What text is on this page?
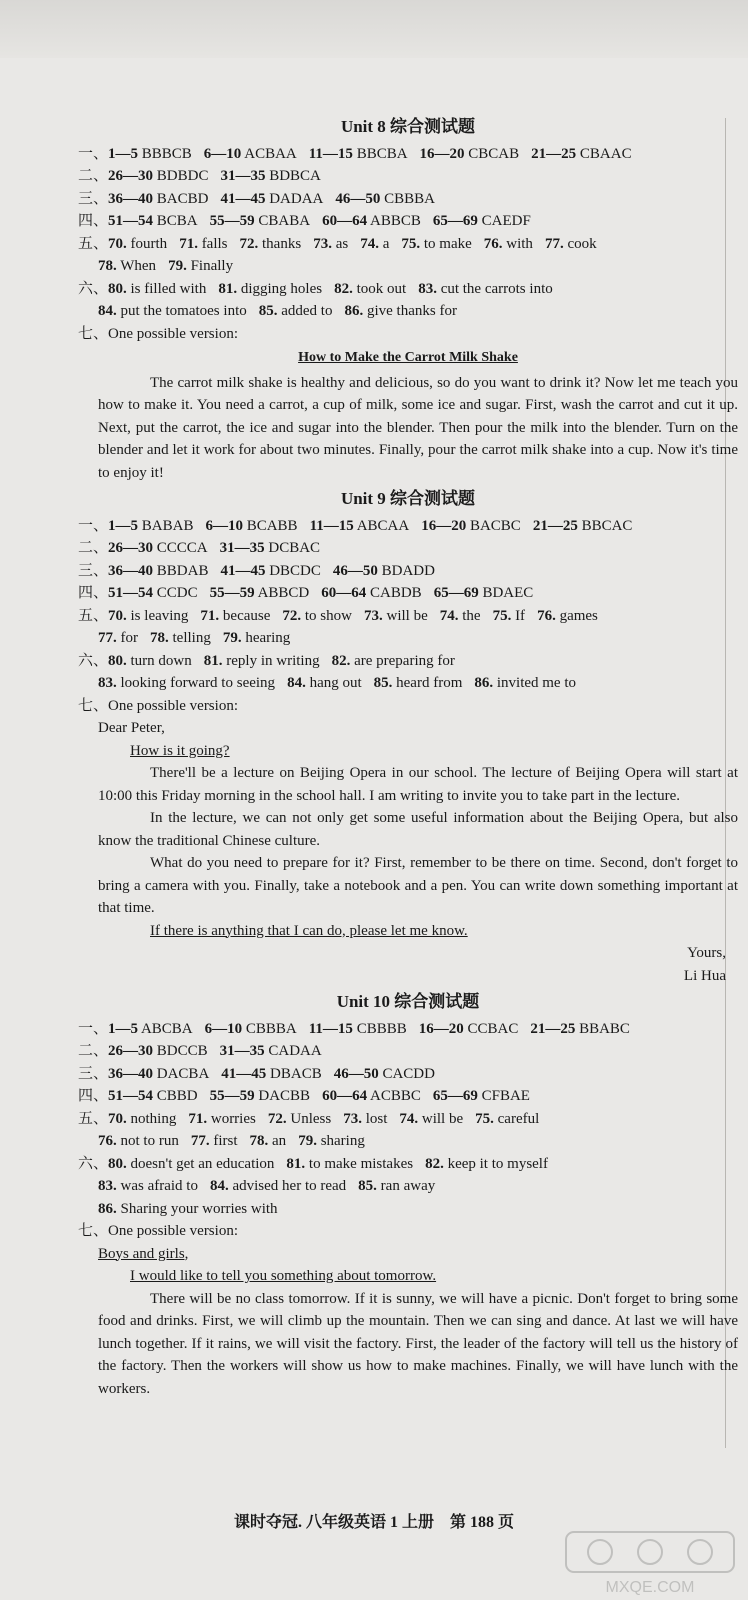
Unit 8 综合测试题
一、1—5 BBBCB 6—10 ACBAA 11—15 BBCBA 16—20 CBCAB 21—25 CBAAC
二、26—30 BDBDC 31—35 BDBCA
三、36—40 BACBD 41—45 DADAA 46—50 CBBBA
四、51—54 BCBA 55—59 CBABA 60—64 ABBCB 65—69 CAEDF
五、70. fourth 71. falls 72. thanks 73. as 74. a 75. to make 76. with 77. cook
78. When 79. Finally
六、80. is filled with 81. digging holes 82. took out 83. cut the carrots into
84. put the tomatoes into 85. added to 86. give thanks for
七、One possible version:
How to Make the Carrot Milk Shake

The carrot milk shake is healthy and delicious, so do you want to drink it? Now let me teach you how to make it. You need a carrot, a cup of milk, some ice and sugar. First, wash the carrot and cut it up. Next, put the carrot, the ice and sugar into the blender. Then pour the milk into the blender. Turn on the blender and let it work for about two minutes. Finally, pour the carrot milk shake into a cup. Now it's time to enjoy it!

Unit 9 综合测试题
一、1—5 BABAB 6—10 BCABB 11—15 ABCAA 16—20 BACBC 21—25 BBCAC
二、26—30 CCCCA 31—35 DCBAC
三、36—40 BBDAB 41—45 DBCDC 46—50 BDADD
四、51—54 CCDC 55—59 ABBCD 60—64 CABDB 65—69 BDAEC
五、70. is leaving 71. because 72. to show 73. will be 74. the 75. If 76. games
77. for 78. telling 79. hearing
六、80. turn down 81. reply in writing 82. are preparing for
83. looking forward to seeing 84. hang out 85. heard from 86. invited me to
七、One possible version:
Dear Peter,
How is it going?

There'll be a lecture on Beijing Opera in our school. The lecture of Beijing Opera will start at 10:00 this Friday morning in the school hall. I am writing to invite you to take part in the lecture.

In the lecture, we can not only get some useful information about the Beijing Opera, but also know the traditional Chinese culture.

What do you need to prepare for it? First, remember to be there on time. Second, don't forget to bring a camera with you. Finally, take a notebook and a pen. You can write down something important at that time.

If there is anything that I can do, please let me know.

Yours,
Li Hua
Unit 10 综合测试题
一、1—5 ABCBA 6—10 CBBBA 11—15 CBBBB 16—20 CCBAC 21—25 BBABC
二、26—30 BDCCB 31—35 CADAA
三、36—40 DACBA 41—45 DBACB 46—50 CACDD
四、51—54 CBBD 55—59 DACBB 60—64 ACBBC 65—69 CFBAE
五、70. nothing 71. worries 72. Unless 73. lost 74. will be 75. careful
76. not to run 77. first 78. an 79. sharing
六、80. doesn't get an education 81. to make mistakes 82. keep it to myself
83. was afraid to 84. advised her to read 85. ran away
86. Sharing your worries with
七、One possible version:
Boys and girls,
I would like to tell you something about tomorrow.

There will be no class tomorrow. If it is sunny, we will have a picnic. Don't forget to bring some food and drinks. First, we will climb up the mountain. Then we can sing and dance. At last we will have lunch together. If it rains, we will visit the factory. First, the leader of the factory will tell us the history of the factory. Then the workers will show us how to make machines. Finally, we will have lunch with the workers.

课时夺冠. 八年级英语 1 上册　第 188 页
MXQE.COM
